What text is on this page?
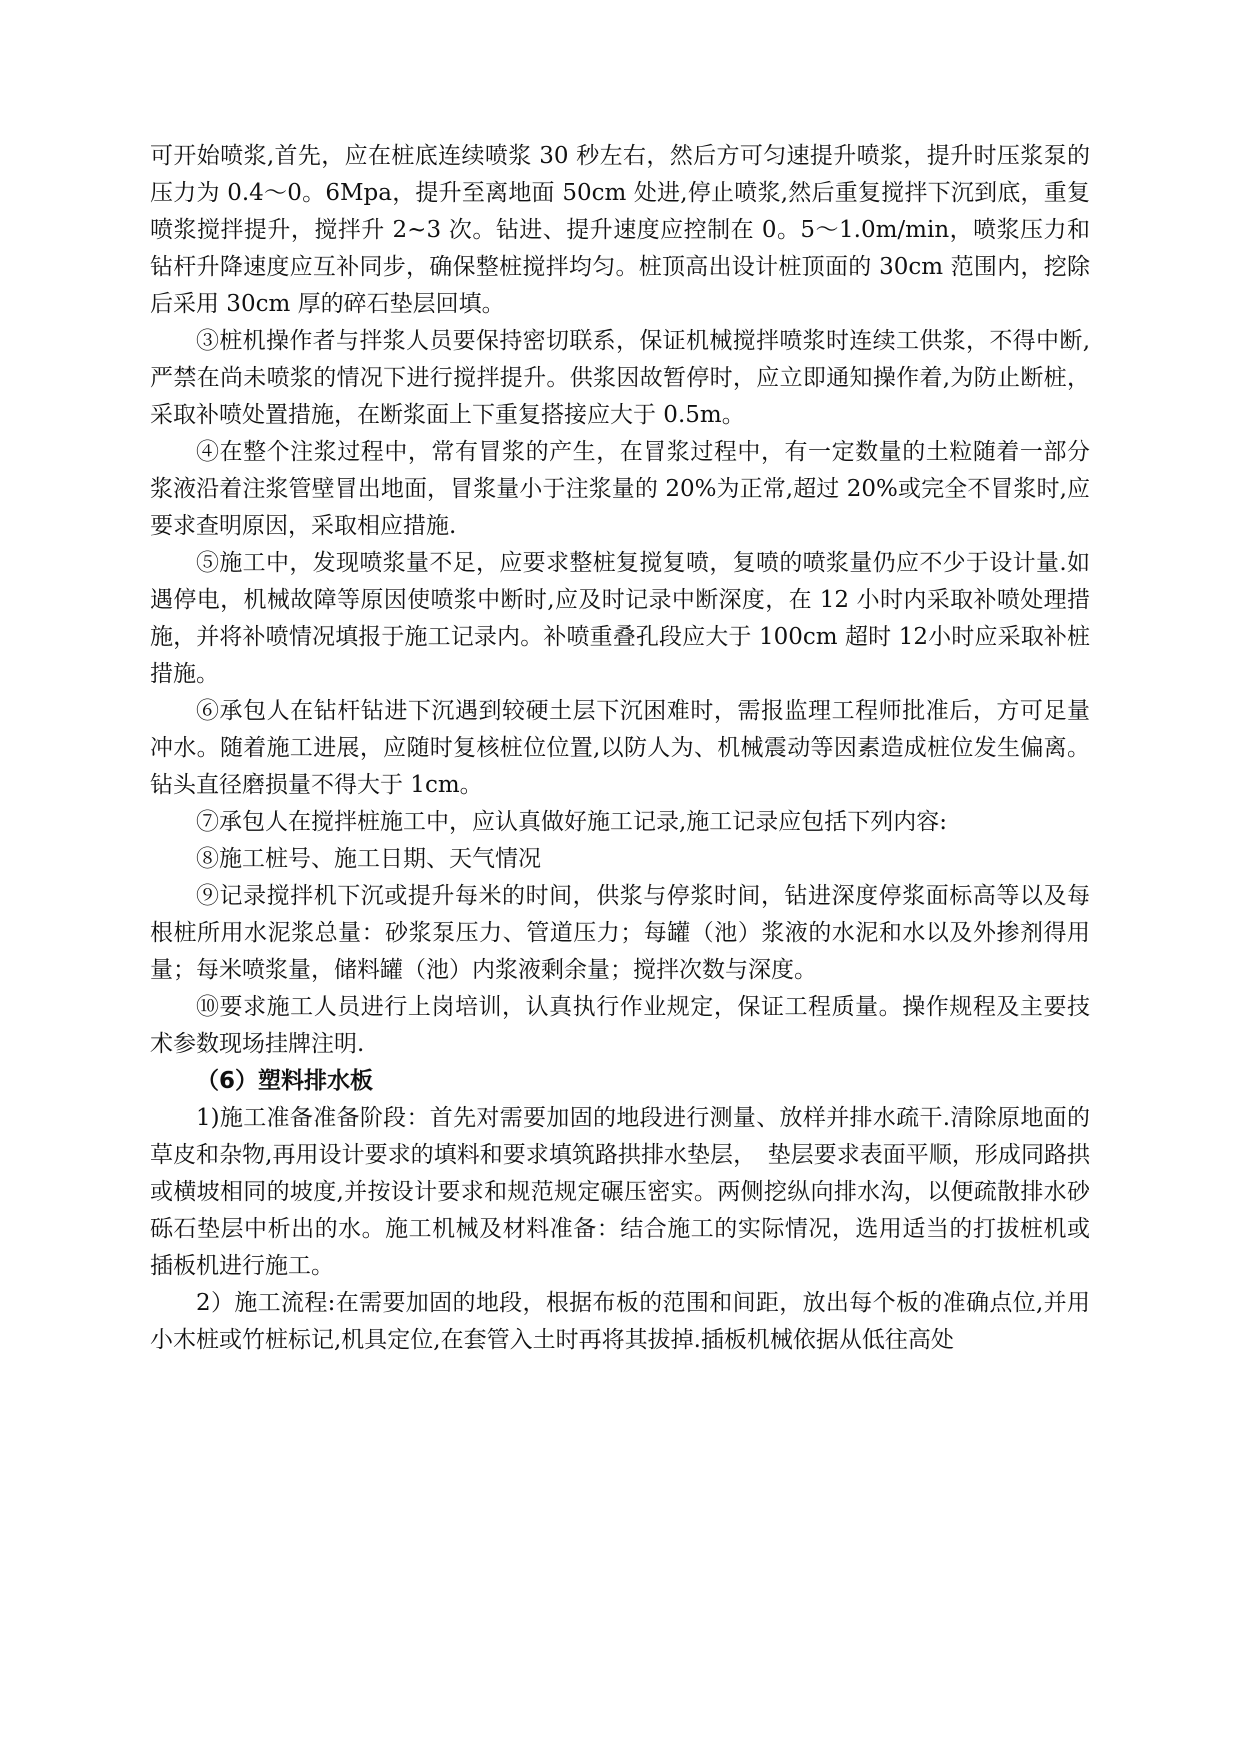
可开始喷浆,首先，应在桩底连续喷浆 30 秒左右，然后方可匀速提升喷浆，提升时压浆泵的压力为 0.4～0。6Mpa，提升至离地面 50cm 处进,停止喷浆,然后重复搅拌下沉到底，重复喷浆搅拌提升，搅拌升 2~3 次。钻进、提升速度应控制在 0。5～1.0m/min，喷浆压力和钻杆升降速度应互补同步，确保整桩搅拌均匀。桩顶高出设计桩顶面的 30cm 范围内，挖除后采用 30cm 厚的碎石垫层回填。

③桩机操作者与拌浆人员要保持密切联系，保证机械搅拌喷浆时连续工供浆，不得中断,严禁在尚未喷浆的情况下进行搅拌提升。供浆因故暂停时，应立即通知操作着,为防止断桩，采取补喷处置措施，在断浆面上下重复搭接应大于 0.5m。

④在整个注浆过程中，常有冒浆的产生，在冒浆过程中，有一定数量的土粒随着一部分浆液沿着注浆管壁冒出地面，冒浆量小于注浆量的 20%为正常,超过 20%或完全不冒浆时,应要求查明原因，采取相应措施.

⑤施工中，发现喷浆量不足，应要求整桩复搅复喷，复喷的喷浆量仍应不少于设计量.如遇停电，机械故障等原因使喷浆中断时,应及时记录中断深度，在 12 小时内采取补喷处理措施，并将补喷情况填报于施工记录内。补喷重叠孔段应大于 100cm 超时 12小时应采取补桩措施。

⑥承包人在钻杆钻进下沉遇到较硬土层下沉困难时，需报监理工程师批准后，方可足量冲水。随着施工进展，应随时复核桩位位置,以防人为、机械震动等因素造成桩位发生偏离。钻头直径磨损量不得大于 1cm。

⑦承包人在搅拌桩施工中，应认真做好施工记录,施工记录应包括下列内容:

⑧施工桩号、施工日期、天气情况

⑨记录搅拌机下沉或提升每米的时间，供浆与停浆时间，钻进深度停浆面标高等以及每根桩所用水泥浆总量：砂浆泵压力、管道压力；每罐（池）浆液的水泥和水以及外掺剂得用量；每米喷浆量，储料罐（池）内浆液剩余量；搅拌次数与深度。

⑩要求施工人员进行上岗培训，认真执行作业规定，保证工程质量。操作规程及主要技术参数现场挂牌注明.

（6）塑料排水板

1)施工准备准备阶段：首先对需要加固的地段进行测量、放样并排水疏干.清除原地面的草皮和杂物,再用设计要求的填料和要求填筑路拱排水垫层，　垫层要求表面平顺，形成同路拱或横坡相同的坡度,并按设计要求和规范规定碾压密实。两侧挖纵向排水沟，以便疏散排水砂砾石垫层中析出的水。施工机械及材料准备：结合施工的实际情况，选用适当的打拔桩机或插板机进行施工。

2）施工流程:在需要加固的地段，根据布板的范围和间距，放出每个板的准确点位,并用小木桩或竹桩标记,机具定位,在套管入土时再将其拔掉.插板机械依据从低往高处
